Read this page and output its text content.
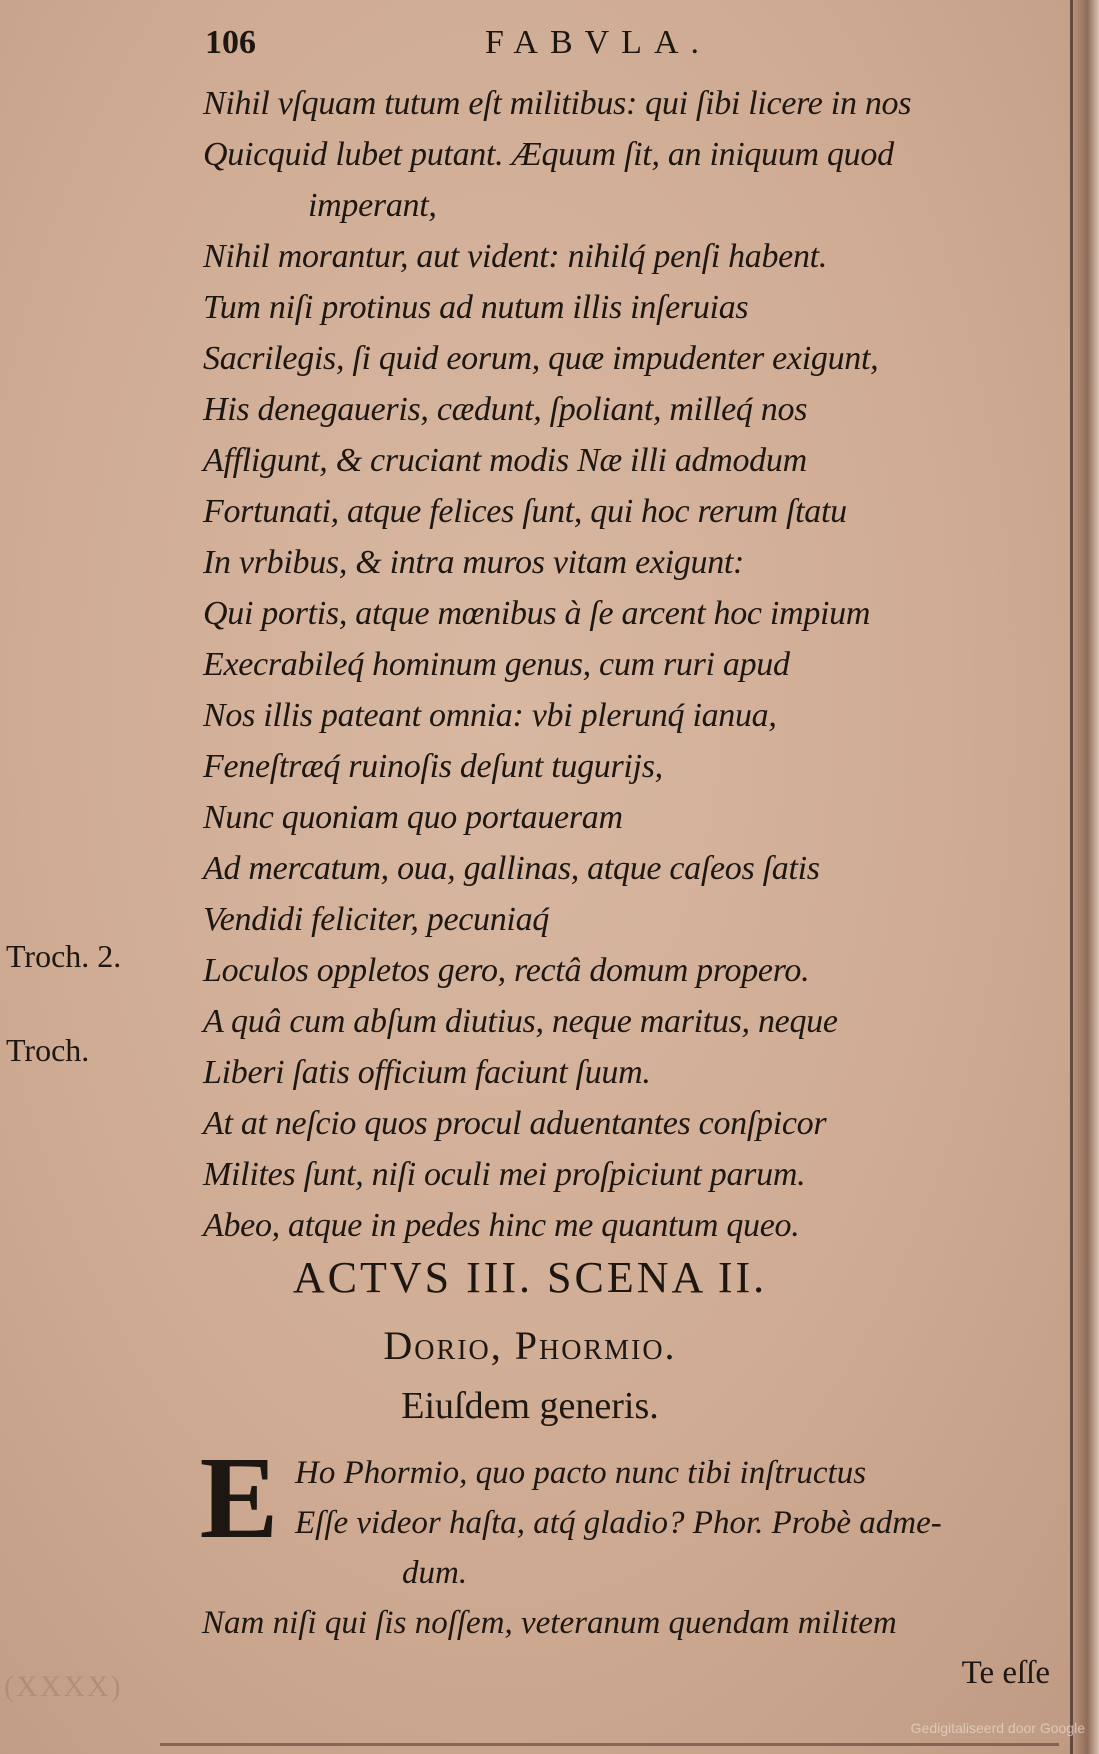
106	FABVLA.
Nihil vſquam tutum eſt militibus: qui ſibi licere in nos
Quicquid lubet putant. Æquum ſit, an iniquum quod
imperant,
Nihil morantur, aut vident: nihilq́ penſi habent.
Tum niſi protinus ad nutum illis inſeruias
Sacrilegis, ſi quid eorum, quæ impudenter exigunt,
His denegaueris, cædunt, ſpoliant, milleq́ nos
Affligunt, & cruciant modis Næ illi admodum
Fortunati, atque felices ſunt, qui hoc rerum ſtatu
In vrbibus, & intra muros vitam exigunt:
Qui portis, atque mœnibus à ſe arcent hoc impium
Execrabileq́ hominum genus, cum ruri apud
Nos illis pateant omnia: vbi plerunq́ ianua,
Feneſtræq́ ruinoſis deſunt tugurijs,
Nunc quoniam quo portaueram
Ad mercatum, oua, gallinas, atque caſeos ſatis
Vendidi feliciter, pecuniaq́
Loculos oppletos gero, rectâ domum propero.
A quâ cum abſum diutius, neque maritus, neque
Liberi ſatis officium faciunt ſuum.
At at neſcio quos procul aduentantes conſpicor
Milites ſunt, niſi oculi mei proſpiciunt parum.
Abeo, atque in pedes hinc me quantum queo.
Troch. 2.
Troch.
ACTVS III. SCENA II.
Dorio, Phormio.
Eiuſdem generis.
E Ho Phormio, quo pacto nunc tibi inſtructus
Eſſe videor haſta, atq́ gladio? Phor. Probè adme-
dum.
Nam niſi qui ſis noſſem, veteranum quendam militem
Te eſſe
(XXXX)
Gedigitaliseerd door Google
